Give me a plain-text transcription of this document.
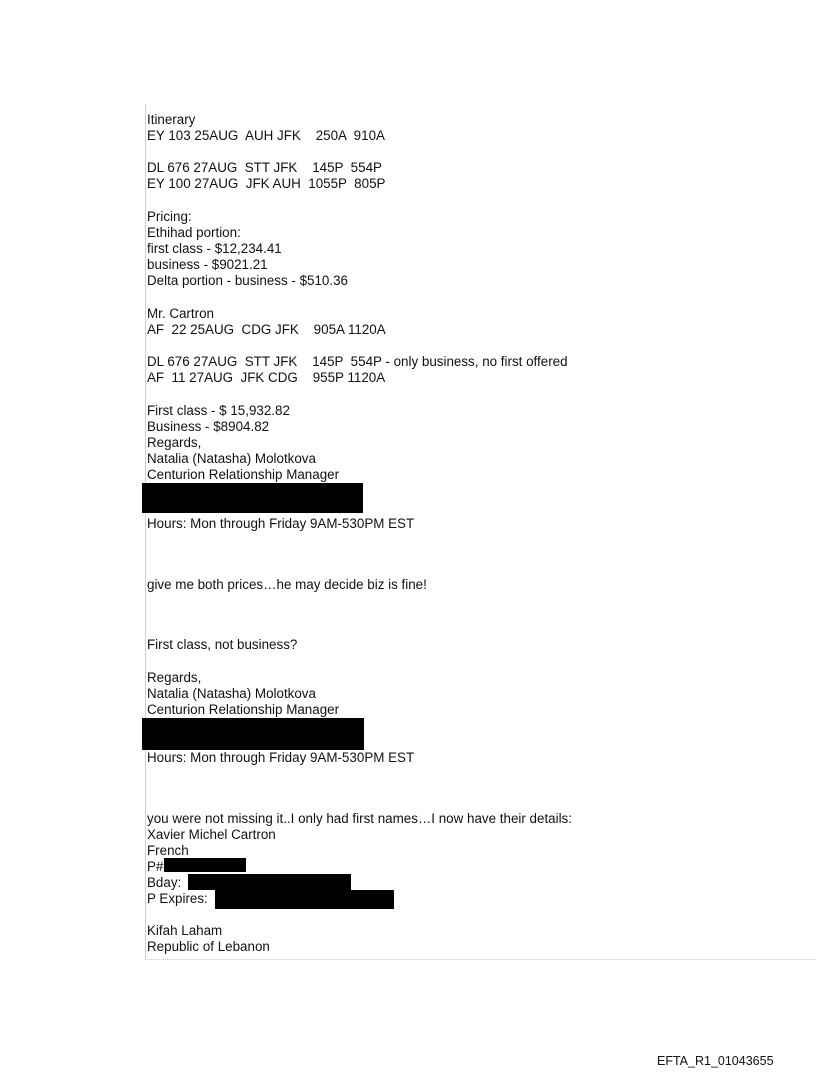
Itinerary

EY 103 25AUG  AUH JFK    250A  910A

DL 676 27AUG  STT JFK    145P  554P

EY 100 27AUG  JFK AUH  1055P  805P

Pricing:

Ethihad portion:

first class - $12,234.41

business - $9021.21

Delta portion - business - $510.36

Mr. Cartron

AF  22 25AUG  CDG JFK    905A 1120A

DL 676 27AUG  STT JFK    145P  554P - only business, no first offered

AF  11 27AUG  JFK CDG    955P 1120A

First class - $ 15,932.82

Business - $8904.82

Regards,

Natalia (Natasha) Molotkova

Centurion Relationship Manager

Hours: Mon through Friday 9AM-530PM EST

give me both prices…he may decide biz is fine!

First class, not business?

Regards,

Natalia (Natasha) Molotkova

Centurion Relationship Manager

Hours: Mon through Friday 9AM-530PM EST

you were not missing it..I only had first names…I now have their details:

Xavier Michel Cartron

French

P#

Bday:

P Expires:

Kifah Laham

Republic of Lebanon

EFTA_R1_01043655
